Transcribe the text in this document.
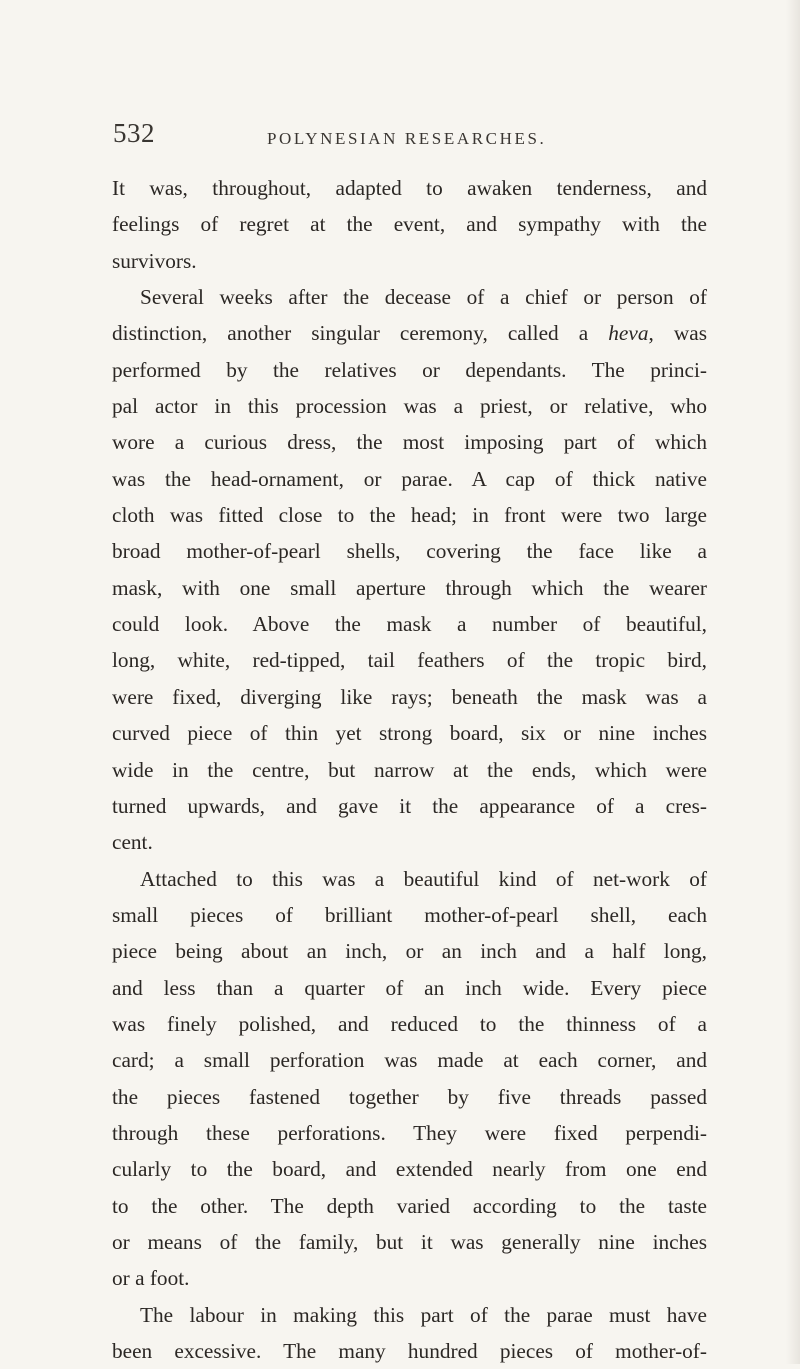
532	POLYNESIAN RESEARCHES.
It was, throughout, adapted to awaken tenderness, and
feelings of regret at the event, and sympathy with the
survivors.
Several weeks after the decease of a chief or person of
distinction, another singular ceremony, called a heva, was
performed by the relatives or dependants. The princi-
pal actor in this procession was a priest, or relative, who
wore a curious dress, the most imposing part of which
was the head-ornament, or parae. A cap of thick native
cloth was fitted close to the head; in front were two large
broad mother-of-pearl shells, covering the face like a
mask, with one small aperture through which the wearer
could look. Above the mask a number of beautiful,
long, white, red-tipped, tail feathers of the tropic bird,
were fixed, diverging like rays; beneath the mask was a
curved piece of thin yet strong board, six or nine inches
wide in the centre, but narrow at the ends, which were
turned upwards, and gave it the appearance of a cres-
cent.
Attached to this was a beautiful kind of net-work of
small pieces of brilliant mother-of-pearl shell, each
piece being about an inch, or an inch and a half long,
and less than a quarter of an inch wide. Every piece
was finely polished, and reduced to the thinness of a
card; a small perforation was made at each corner, and
the pieces fastened together by five threads passed
through these perforations. They were fixed perpendi-
cularly to the board, and extended nearly from one end
to the other. The depth varied according to the taste
or means of the family, but it was generally nine inches
or a foot.
The labour in making this part of the parae must have
been excessive. The many hundred pieces of mother-of-
